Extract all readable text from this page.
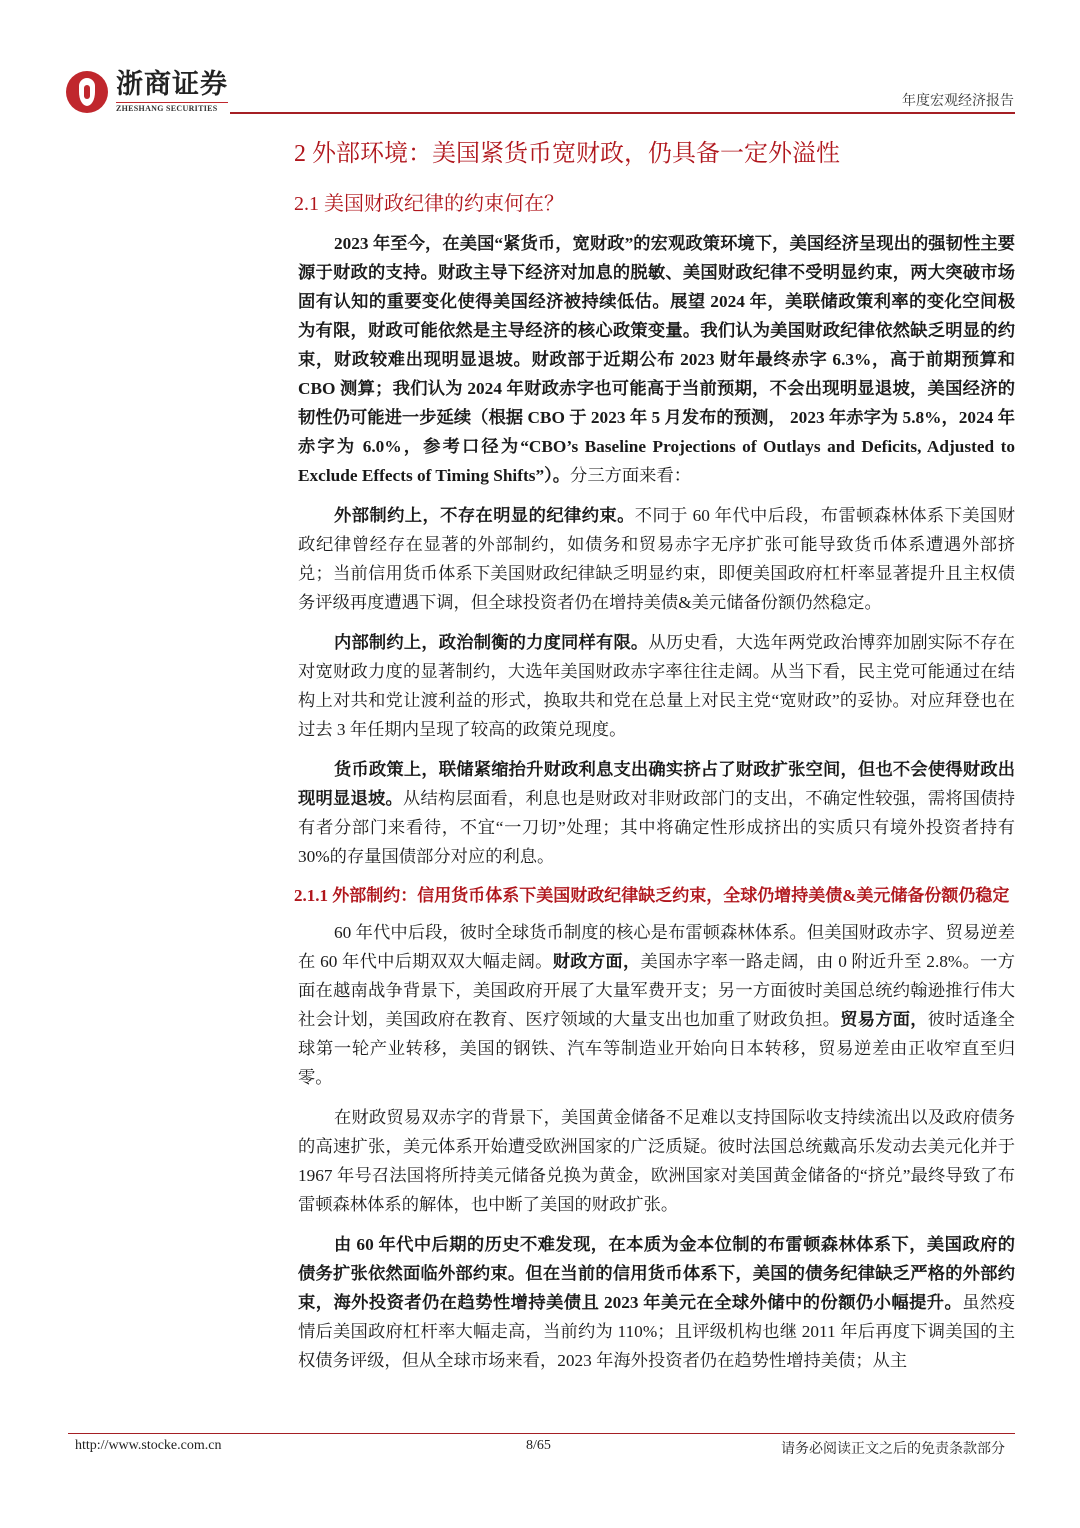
浙商证券
ZHESHANG SECURITIES	年度宏观经济报告
2 外部环境：美国紧货币宽财政，仍具备一定外溢性
2.1 美国财政纪律的约束何在？

2023 年至今，在美国“紧货币，宽财政”的宏观政策环境下，美国经济呈现出的强韧性主要源于财政的支持。财政主导下经济对加息的脱敏、美国财政纪律不受明显约束，两大突破市场固有认知的重要变化使得美国经济被持续低估。展望 2024 年，美联储政策利率的变化空间极为有限，财政可能依然是主导经济的核心政策变量。我们认为美国财政纪律依然缺乏明显的约束，财政较难出现明显退坡。财政部于近期公布 2023 财年最终赤字 6.3%，高于前期预算和 CBO 测算；我们认为 2024 年财政赤字也可能高于当前预期，不会出现明显退坡，美国经济的韧性仍可能进一步延续（根据 CBO 于 2023 年 5 月发布的预测， 2023 年赤字为 5.8%，2024 年赤字为 6.0%，参考口径为“CBO’s Baseline Projections of Outlays and Deficits, Adjusted to Exclude Effects of Timing Shifts”）。分三方面来看：

外部制约上，不存在明显的纪律约束。不同于 60 年代中后段，布雷顿森林体系下美国财政纪律曾经存在显著的外部制约，如债务和贸易赤字无序扩张可能导致货币体系遭遇外部挤兑；当前信用货币体系下美国财政纪律缺乏明显约束，即便美国政府杠杆率显著提升且主权债务评级再度遭遇下调，但全球投资者仍在增持美债&美元储备份额仍然稳定。

内部制约上，政治制衡的力度同样有限。从历史看，大选年两党政治博弈加剧实际不存在对宽财政力度的显著制约，大选年美国财政赤字率往往走阔。从当下看，民主党可能通过在结构上对共和党让渡利益的形式，换取共和党在总量上对民主党“宽财政”的妥协。对应拜登也在过去 3 年任期内呈现了较高的政策兑现度。

货币政策上，联储紧缩抬升财政利息支出确实挤占了财政扩张空间，但也不会使得财政出现明显退坡。从结构层面看，利息也是财政对非财政部门的支出，不确定性较强，需将国债持有者分部门来看待，不宜“一刀切”处理；其中将确定性形成挤出的实质只有境外投资者持有 30%的存量国债部分对应的利息。

2.1.1 外部制约：信用货币体系下美国财政纪律缺乏约束，全球仍增持美债&美元储备份额仍稳定

60 年代中后段，彼时全球货币制度的核心是布雷顿森林体系。但美国财政赤字、贸易逆差在 60 年代中后期双双大幅走阔。财政方面，美国赤字率一路走阔，由 0 附近升至 2.8%。一方面在越南战争背景下，美国政府开展了大量军费开支；另一方面彼时美国总统约翰逊推行伟大社会计划，美国政府在教育、医疗领域的大量支出也加重了财政负担。贸易方面，彼时适逢全球第一轮产业转移，美国的钢铁、汽车等制造业开始向日本转移，贸易逆差由正收窄直至归零。

在财政贸易双赤字的背景下，美国黄金储备不足难以支持国际收支持续流出以及政府债务的高速扩张，美元体系开始遭受欧洲国家的广泛质疑。彼时法国总统戴高乐发动去美元化并于 1967 年号召法国将所持美元储备兑换为黄金，欧洲国家对美国黄金储备的“挤兑”最终导致了布雷顿森林体系的解体，也中断了美国的财政扩张。

由 60 年代中后期的历史不难发现，在本质为金本位制的布雷顿森林体系下，美国政府的债务扩张依然面临外部约束。但在当前的信用货币体系下，美国的债务纪律缺乏严格的外部约束，海外投资者仍在趋势性增持美债且 2023 年美元在全球外储中的份额仍小幅提升。虽然疫情后美国政府杠杆率大幅走高，当前约为 110%；且评级机构也继 2011 年后再度下调美国的主权债务评级，但从全球市场来看，2023 年海外投资者仍在趋势性增持美债；从主

http://www.stocke.com.cn	8/65	请务必阅读正文之后的免责条款部分
